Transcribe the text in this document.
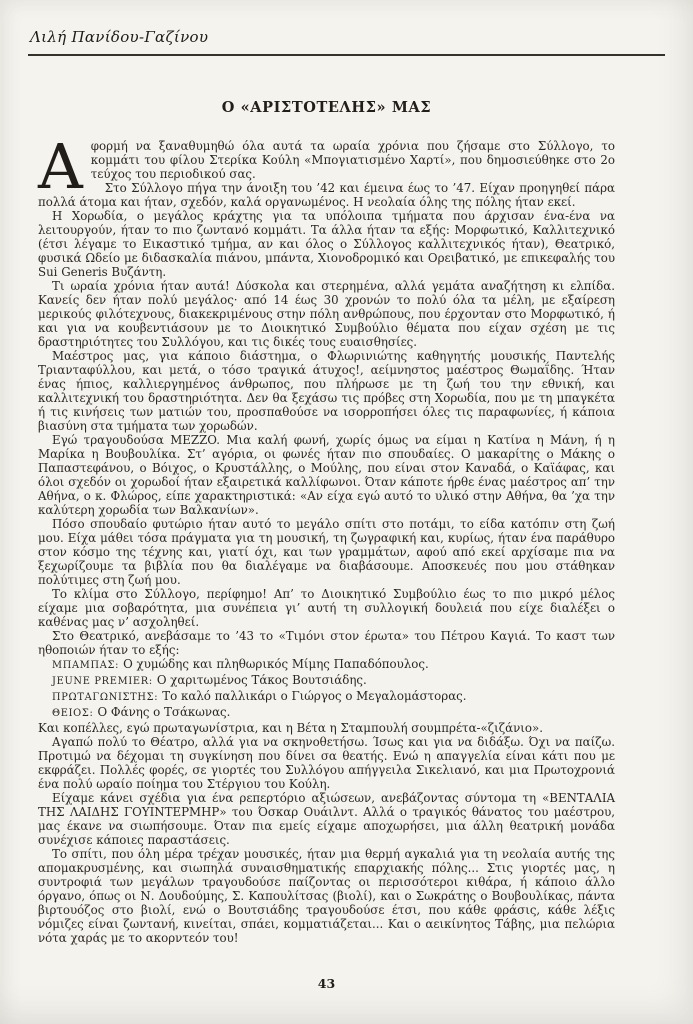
Λιλή Πανίδου-Γαζίνου
Ο «ΑΡΙΣΤΟΤΕΛΗΣ» ΜΑΣ

Αφορμή να ξαναθυμηθώ όλα αυτά τα ωραία χρόνια που ζήσαμε στο Σύλλογο, το κομμάτι του φίλου Στερίκα Κούλη «Μπογιατισμένο Χαρτί», που δημοσιεύθηκε στο 2ο τεύχος του περιοδικού σας.

Στο Σύλλογο πήγα την άνοιξη του ’42 και έμεινα έως το ’47. Είχαν προηγηθεί πάρα πολλά άτομα και ήταν, σχεδόν, καλά οργανωμένος. Η νεολαία όλης της πόλης ήταν εκεί.

Η Χορωδία, ο μεγάλος κράχτης για τα υπόλοιπα τμήματα που άρχισαν ένα-ένα να λειτουργούν, ήταν το πιο ζωντανό κομμάτι. Τα άλλα ήταν τα εξής: Μορφωτικό, Καλλιτεχνικό (έτσι λέγαμε το Εικαστικό τμήμα, αν και όλος ο Σύλλογος καλλιτεχνικός ήταν), Θεατρικό, φυσικά Ωδείο με διδασκαλία πιάνου, μπάντα, Χιονοδρομικό και Ορειβατικό, με επικεφαλής του Sui Generis Βυζάντη.

Τι ωραία χρόνια ήταν αυτά! Δύσκολα και στερημένα, αλλά γεμάτα αναζήτηση κι ελπίδα. Κανείς δεν ήταν πολύ μεγάλος· από 14 έως 30 χρονών το πολύ όλα τα μέλη, με εξαίρεση μερικούς φιλότεχνους, διακεκριμένους στην πόλη ανθρώπους, που έρχονταν στο Μορφωτικό, ή και για να κουβεντιάσουν με το Διοικητικό Συμβούλιο θέματα που είχαν σχέση με τις δραστηριότητες του Συλλόγου, και τις δικές τους ευαισθησίες.

Μαέστρος μας, για κάποιο διάστημα, ο Φλωρινιώτης καθηγητής μουσικής Παντελής Τριανταφύλλου, και μετά, ο τόσο τραγικά άτυχος!, αείμνηστος μαέστρος Θωμαΐδης. Ήταν ένας ήπιος, καλλιεργημένος άνθρωπος, που πλήρωσε με τη ζωή του την εθνική, και καλλιτεχνική του δραστηριότητα. Δεν θα ξεχάσω τις πρόβες στη Χορωδία, που με τη μπαγκέτα ή τις κινήσεις των ματιών του, προσπαθούσε να ισορροπήσει όλες τις παραφωνίες, ή κάποια βιασύνη στα τμήματα των χορωδών.

Εγώ τραγουδούσα MEZZO. Μια καλή φωνή, χωρίς όμως να είμαι η Κατίνα η Μάνη, ή η Μαρίκα η Βουβουλίκα. Στ’ αγόρια, οι φωνές ήταν πιο σπουδαίες. Ο μακαρίτης ο Μάκης ο Παπαστεφάνου, ο Βόιχος, ο Κρυστάλλης, ο Μούλης, που είναι στον Καναδά, ο Καϊάφας, και όλοι σχεδόν οι χορωδοί ήταν εξαιρετικά καλλίφωνοι. Όταν κάποτε ήρθε ένας μαέστρος απ’ την Αθήνα, ο κ. Φλώρος, είπε χαρακτηριστικά: «Αν είχα εγώ αυτό το υλικό στην Αθήνα, θα ’χα την καλύτερη χορωδία των Βαλκανίων».

Πόσο σπουδαίο φυτώριο ήταν αυτό το μεγάλο σπίτι στο ποτάμι, το είδα κατόπιν στη ζωή μου. Είχα μάθει τόσα πράγματα για τη μουσική, τη ζωγραφική και, κυρίως, ήταν ένα παράθυρο στον κόσμο της τέχνης και, γιατί όχι, και των γραμμάτων, αφού από εκεί αρχίσαμε πια να ξεχωρίζουμε τα βιβλία που θα διαλέγαμε να διαβάσουμε. Αποσκευές που μου στάθηκαν πολύτιμες στη ζωή μου.

Το κλίμα στο Σύλλογο, περίφημο! Απ’ το Διοικητικό Συμβούλιο έως το πιο μικρό μέλος είχαμε μια σοβαρότητα, μια συνέπεια γι’ αυτή τη συλλογική δουλειά που είχε διαλέξει ο καθένας μας ν’ ασχοληθεί.

Στο Θεατρικό, ανεβάσαμε το ’43 το «Τιμόνι στον έρωτα» του Πέτρου Καγιά. Το καστ των ηθοποιών ήταν το εξής:

ΜΠΑΜΠΑΣ: Ο χυμώδης και πληθωρικός Μίμης Παπαδόπουλος.

JEUNE PREMIER: Ο χαριτωμένος Τάκος Βουτσιάδης.

ΠΡΩΤΑΓΩΝΙΣΤΗΣ: Το καλό παλλικάρι ο Γιώργος ο Μεγαλομάστορας.

ΘΕΙΟΣ: Ο Φάνης ο Τσάκωνας.

Και κοπέλλες, εγώ πρωταγωνίστρια, και η Βέτα η Σταμπουλή σουμπρέτα-«ζιζάνιο».

Αγαπώ πολύ το Θέατρο, αλλά για να σκηνοθετήσω. Ίσως και για να διδάξω. Όχι να παίζω. Προτιμώ να δέχομαι τη συγκίνηση που δίνει σα θεατής. Ενώ η απαγγελία είναι κάτι που με εκφράζει. Πολλές φορές, σε γιορτές του Συλλόγου απήγγειλα Σικελιανό, και μια Πρωτοχρονιά ένα πολύ ωραίο ποίημα του Στέργιου του Κούλη.

Είχαμε κάνει σχέδια για ένα ρεπερτόριο αξιώσεων, ανεβάζοντας σύντομα τη «ΒΕΝΤΑΛΙΑ ΤΗΣ ΛΑΙΔΗΣ ΓΟΥΙΝΤΕΡΜΗΡ» του Όσκαρ Ουάιλντ. Αλλά ο τραγικός θάνατος του μαέστρου, μας έκανε να σιωπήσουμε. Όταν πια εμείς είχαμε αποχωρήσει, μια άλλη θεατρική μονάδα συνέχισε κάποιες παραστάσεις.

Το σπίτι, που όλη μέρα τρέχαν μουσικές, ήταν μια θερμή αγκαλιά για τη νεολαία αυτής της απομακρυσμένης, και σιωπηλά συναισθηματικής επαρχιακής πόλης... Στις γιορτές μας, η συντροφιά των μεγάλων τραγουδούσε παίζοντας οι περισσότεροι κιθάρα, ή κάποιο άλλο όργανο, όπως οι Ν. Δουδούμης, Σ. Καπουλίτσας (βιολί), και ο Σωκράτης ο Βουβουλίκας, πάντα βιρτουόζος στο βιολί, ενώ ο Βουτσιάδης τραγουδούσε έτσι, που κάθε φράσις, κάθε λέξις νόμιζες είναι ζωντανή, κινείται, σπάει, κομματιάζεται... Και ο αεικίνητος Τάβης, μια πελώρια νότα χαράς με το ακορντεόν του!

43
